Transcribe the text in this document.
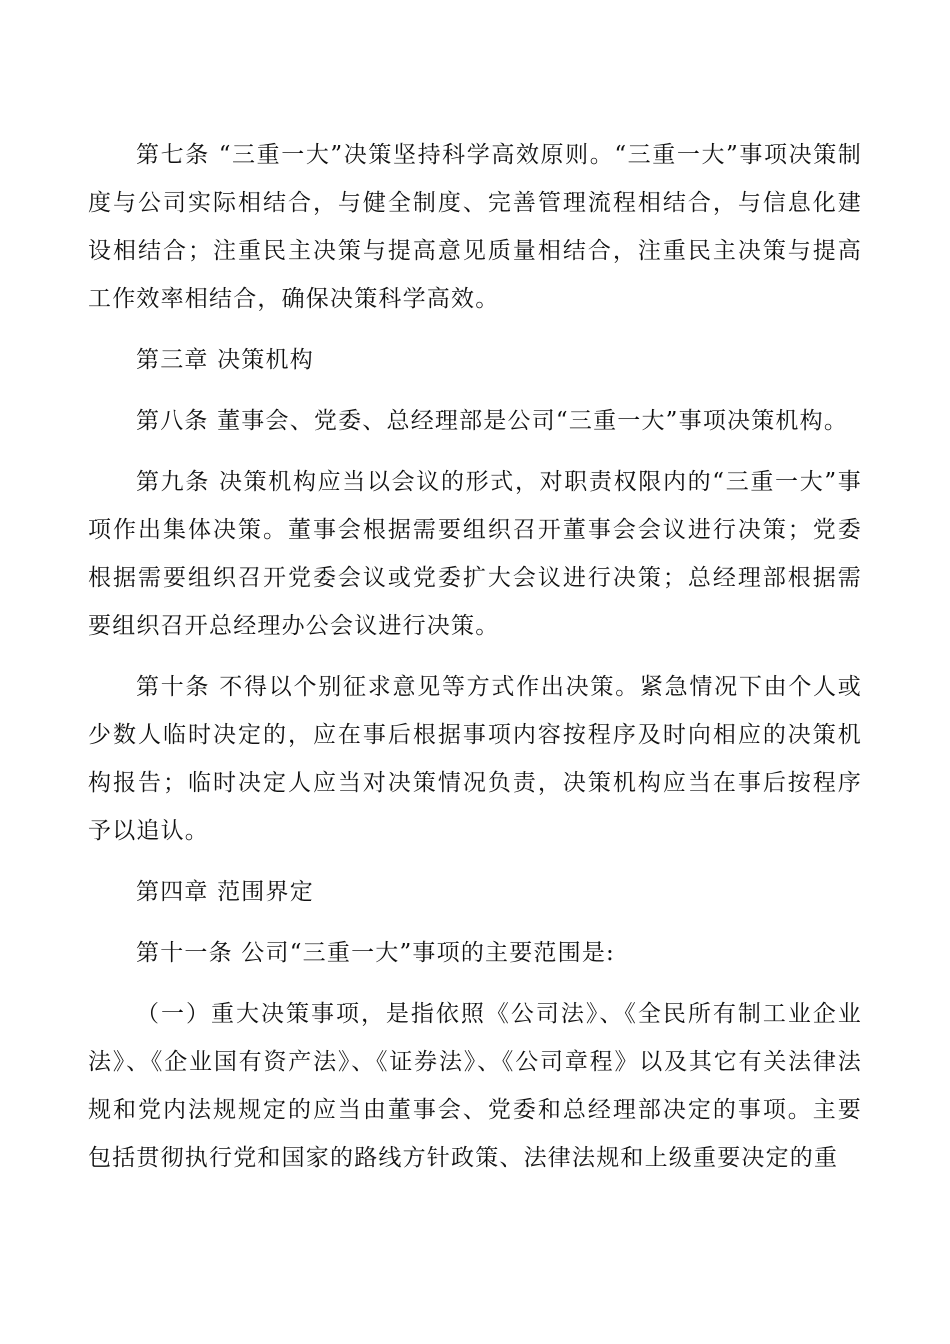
第七条 “三重一大”决策坚持科学高效原则。“三重一大”事项决策制度与公司实际相结合，与健全制度、完善管理流程相结合，与信息化建设相结合；注重民主决策与提高意见质量相结合，注重民主决策与提高工作效率相结合，确保决策科学高效。

第三章 决策机构

第八条 董事会、党委、总经理部是公司“三重一大”事项决策机构。

第九条 决策机构应当以会议的形式，对职责权限内的“三重一大”事项作出集体决策。董事会根据需要组织召开董事会会议进行决策；党委根据需要组织召开党委会议或党委扩大会议进行决策；总经理部根据需要组织召开总经理办公会议进行决策。

第十条 不得以个别征求意见等方式作出决策。紧急情况下由个人或少数人临时决定的，应在事后根据事项内容按程序及时向相应的决策机构报告；临时决定人应当对决策情况负责，决策机构应当在事后按程序予以追认。

第四章 范围界定

第十一条 公司“三重一大”事项的主要范围是:

（一）重大决策事项，是指依照《公司法》、《全民所有制工业企业法》、《企业国有资产法》、《证券法》、《公司章程》以及其它有关法律法规和党内法规规定的应当由董事会、党委和总经理部决定的事项。主要包括贯彻执行党和国家的路线方针政策、法律法规和上级重要决定的重
